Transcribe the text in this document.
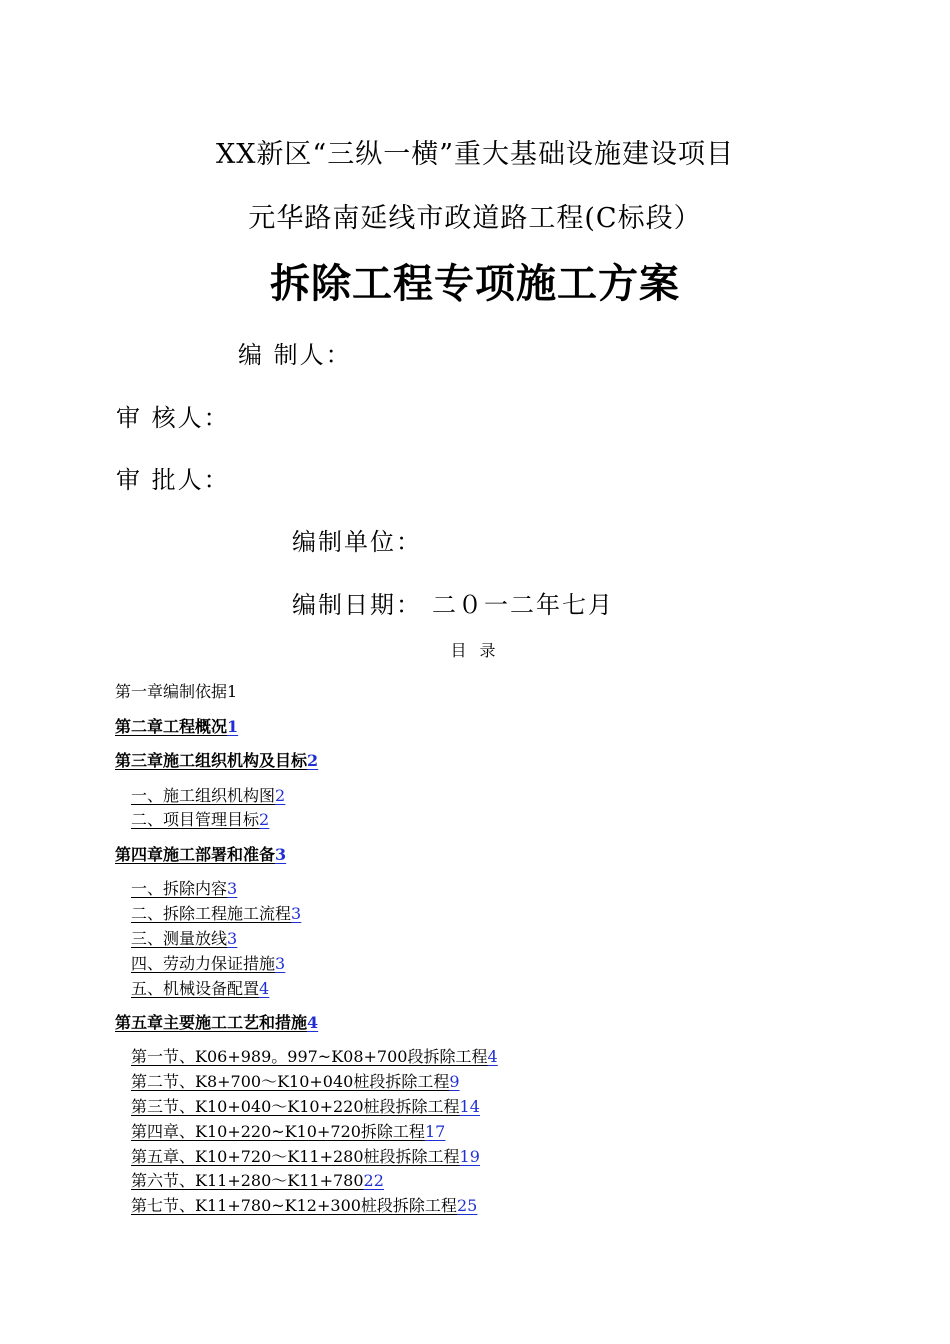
XX新区“三纵一横”重大基础设施建设项目
元华路南延线市政道路工程(C标段）
拆除工程专项施工方案
编 制人：
审 核人：
审 批人：
编制单位：
编制日期： 二０一二年七月
目 录
第一章编制依据1
第二章工程概况1
第三章施工组织机构及目标2
一、施工组织机构图2
二、项目管理目标2
第四章施工部署和准备3
一、拆除内容3
二、拆除工程施工流程3
三、测量放线3
四、劳动力保证措施3
五、机械设备配置4
第五章主要施工工艺和措施4
第一节、K06+989。997~K08+700段拆除工程4
第二节、K8+700～K10+040桩段拆除工程9
第三节、K10+040～K10+220桩段拆除工程14
第四章、K10+220~K10+720拆除工程17
第五章、K10+720～K11+280桩段拆除工程19
第六节、K11+280～K11+78022
第七节、K11+780~K12+300桩段拆除工程25
